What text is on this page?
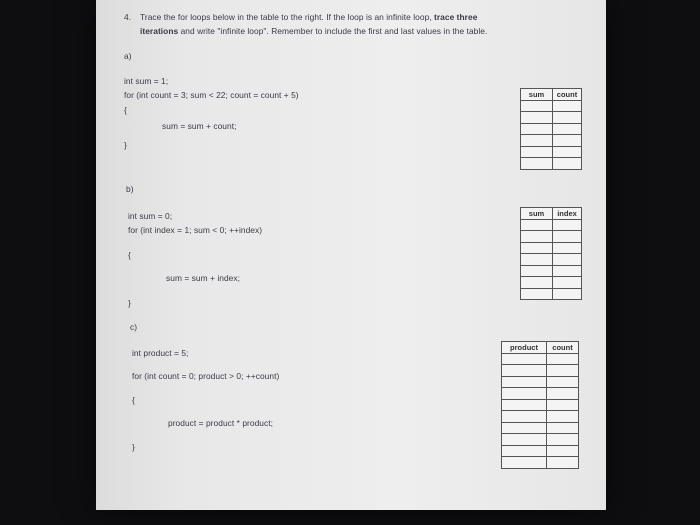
4. Trace the for loops below in the table to the right. If the loop is an infinite loop, trace three
iterations and write "infinite loop". Remember to include the first and last values in the table.
a)
int sum = 1;
for (int count = 3; sum < 22; count = count + 5)
{
sum = sum + count;
}
sum	count

b)
int sum = 0;
for (int index = 1; sum < 0; ++index)
{
sum = sum + index;
}
sum	index

c)
int product = 5;
for (int count = 0; product > 0; ++count)
{
product = product * product;
}
product	count
